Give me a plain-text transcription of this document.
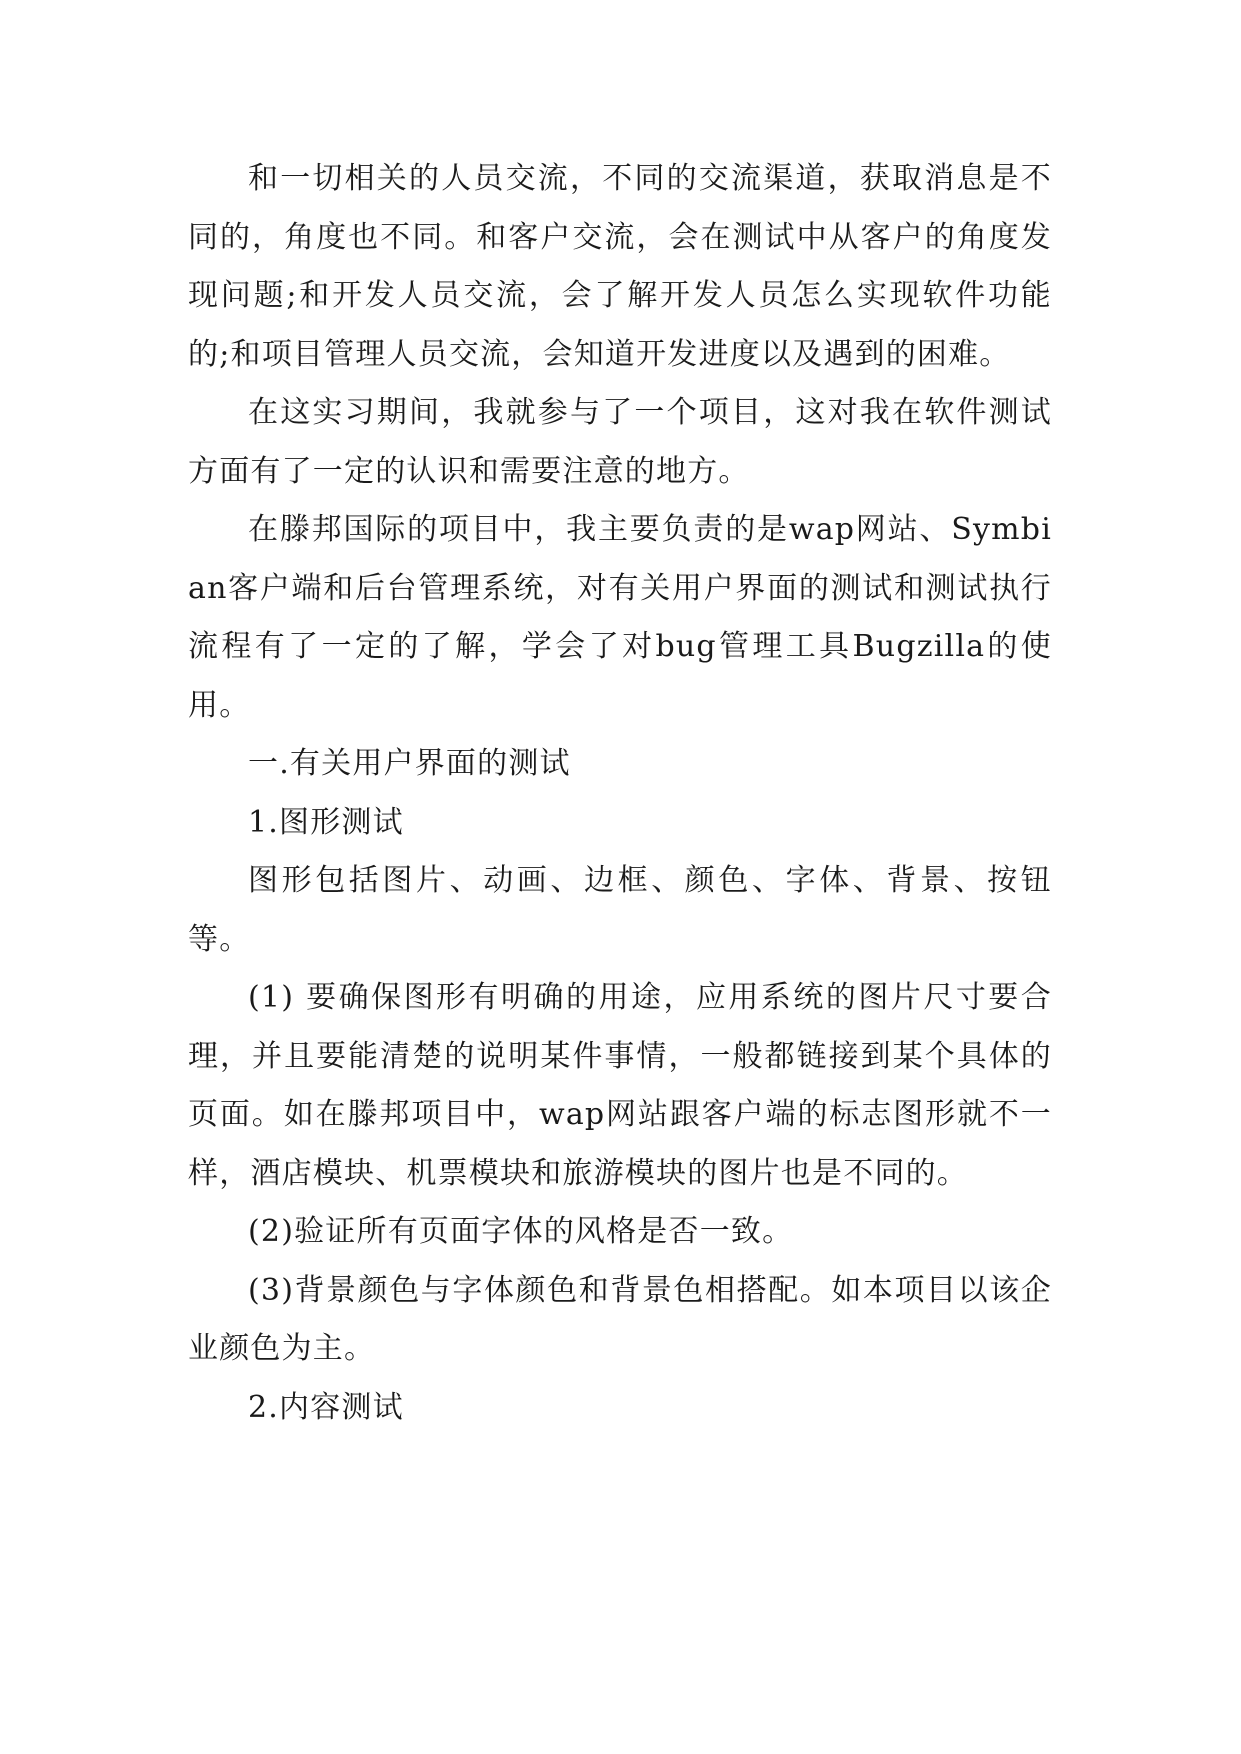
和一切相关的人员交流，不同的交流渠道，获取消息是不同的，角度也不同。和客户交流，会在测试中从客户的角度发现问题;和开发人员交流，会了解开发人员怎么实现软件功能的;和项目管理人员交流，会知道开发进度以及遇到的困难。

在这实习期间，我就参与了一个项目，这对我在软件测试方面有了一定的认识和需要注意的地方。

在滕邦国际的项目中，我主要负责的是wap网站、Symbian客户端和后台管理系统，对有关用户界面的测试和测试执行流程有了一定的了解，学会了对bug管理工具Bugzilla的使用。

一.有关用户界面的测试

1.图形测试

图形包括图片、动画、边框、颜色、字体、背景、按钮等。

(1) 要确保图形有明确的用途，应用系统的图片尺寸要合理，并且要能清楚的说明某件事情，一般都链接到某个具体的页面。如在滕邦项目中，wap网站跟客户端的标志图形就不一样，酒店模块、机票模块和旅游模块的图片也是不同的。

(2)验证所有页面字体的风格是否一致。

(3)背景颜色与字体颜色和背景色相搭配。如本项目以该企业颜色为主。

2.内容测试
